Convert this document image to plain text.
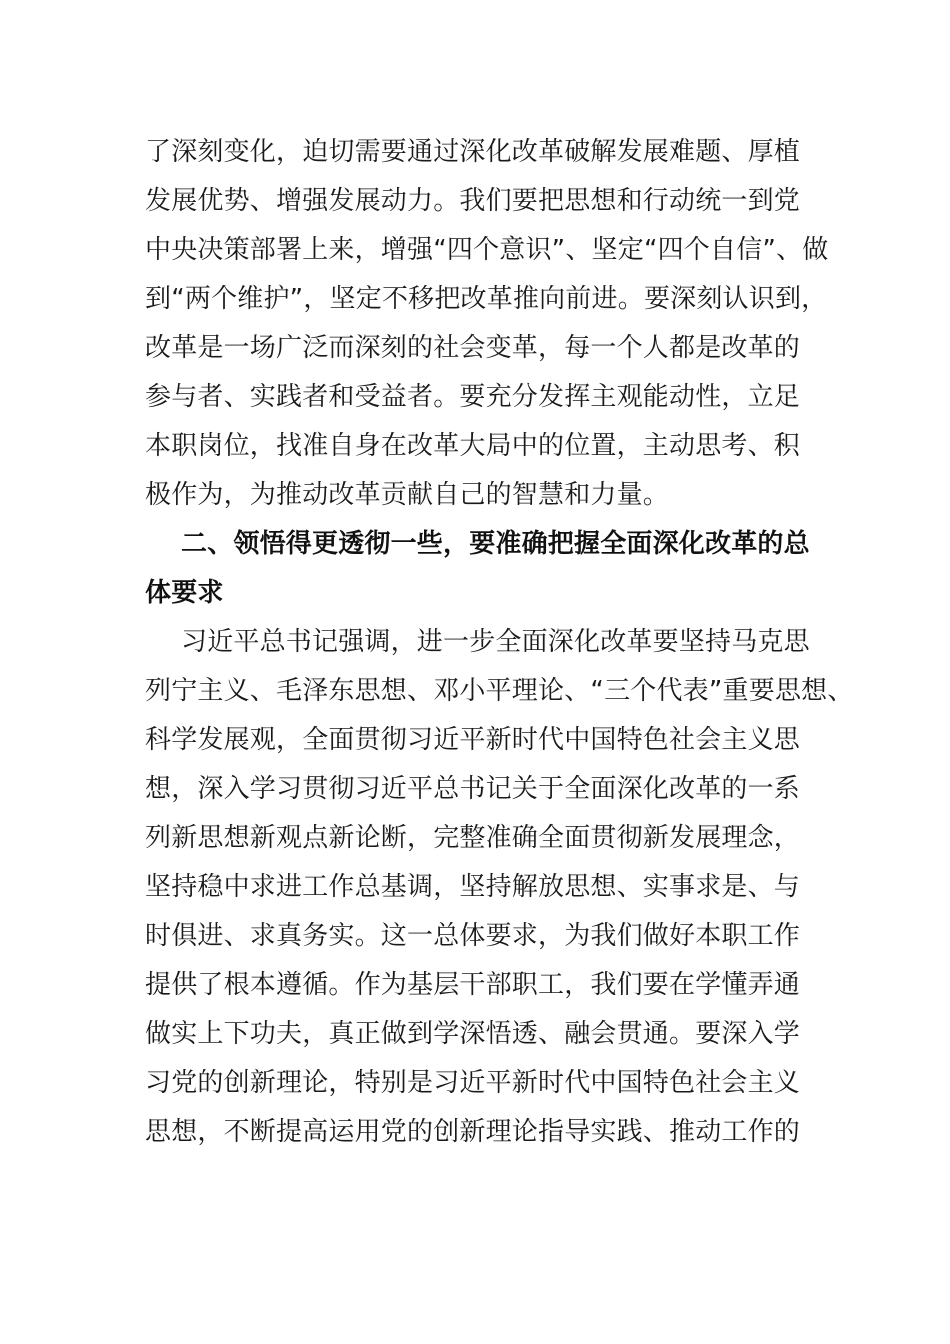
了深刻变化，迫切需要通过深化改革破解发展难题、厚植
发展优势、增强发展动力。我们要把思想和行动统一到党
中央决策部署上来，增强“四个意识”、坚定“四个自信”、做
到“两个维护”，坚定不移把改革推向前进。要深刻认识到，
改革是一场广泛而深刻的社会变革，每一个人都是改革的
参与者、实践者和受益者。要充分发挥主观能动性，立足
本职岗位，找准自身在改革大局中的位置，主动思考、积
极作为，为推动改革贡献自己的智慧和力量。
二、领悟得更透彻一些，要准确把握全面深化改革的总
体要求
习近平总书记强调，进一步全面深化改革要坚持马克思
列宁主义、毛泽东思想、邓小平理论、“三个代表”重要思想、
科学发展观，全面贯彻习近平新时代中国特色社会主义思
想，深入学习贯彻习近平总书记关于全面深化改革的一系
列新思想新观点新论断，完整准确全面贯彻新发展理念，
坚持稳中求进工作总基调，坚持解放思想、实事求是、与
时俱进、求真务实。这一总体要求，为我们做好本职工作
提供了根本遵循。作为基层干部职工，我们要在学懂弄通
做实上下功夫，真正做到学深悟透、融会贯通。要深入学
习党的创新理论，特别是习近平新时代中国特色社会主义
思想，不断提高运用党的创新理论指导实践、推动工作的
